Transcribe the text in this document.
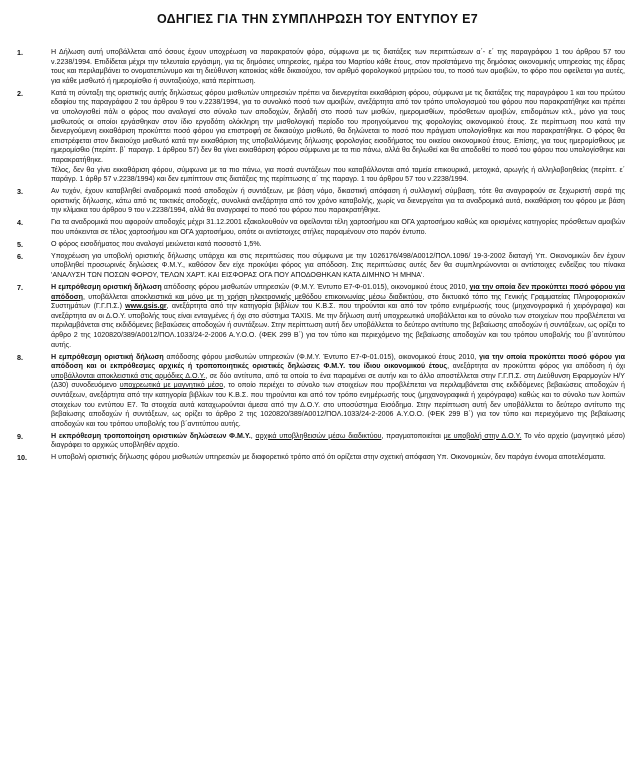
ΟΔΗΓΙΕΣ ΓΙΑ ΤΗΝ ΣΥΜΠΛΗΡΩΣΗ ΤΟΥ ΕΝΤΥΠΟΥ Ε7
1.	Η Δήλωση αυτή υποβάλλεται από όσους έχουν υποχρέωση να παρακρατούν φόρο, σύμφωνα με τις διατάξεις των περιπτώσεων α΄- ε΄ της παραγράφου 1 του άρθρου 57 του ν.2238/1994. Επιδίδεται μέχρι την τελευταία εργάσιμη, για τις δημόσιες υπηρεσίες, ημέρα του Μαρτίου κάθε έτους, στον προϊστάμενο της δημόσιας οικονομικής υπηρεσίας της έδρας τους και περιλαμβάνει το ονοματεπώνυμο και τη διεύθυνση κατοικίας κάθε δικαιούχου, τον αριθμό φορολογικού μητρώου του, το ποσό των αμοιβών, το φόρο που οφείλεται για αυτές, για κάθε μισθωτό ή ημερομίσθιο ή συνταξιούχο, κατά περίπτωση.

2.	Κατά τη σύνταξη της οριστικής αυτής δηλώσεως φόρου μισθωτών υπηρεσιών πρέπει να διενεργείται εκκαθάριση φόρου, σύμφωνα με τις διατάξεις της παραγράφου 1 και του πρώτου εδαφίου της παραγράφου 2 του άρθρου 9 του ν.2238/1994, για το συνολικό ποσό των αμοιβών, ανεξάρτητα από τον τρόπο υπολογισμού του φόρου που παρακρατήθηκε και πρέπει να υπολογισθεί πάλι ο φόρος που αναλογεί στο σύνολο των αποδοχών, δηλαδή στο ποσό των μισθών, ημερομισθίων, πρόσθετων αμοιβών, επιδομάτων κτλ., μόνο για τους μισθωτούς οι οποίοι εργάσθηκαν στον ίδιο εργοδότη ολόκληρη την μισθολογική περίοδο του προηγούμενου της φορολογίας οικονομικού έτους. Σε περίπτωση που κατά την διενεργούμενη εκκαθάριση προκύπτει ποσό φόρου για επιστροφή σε δικαιούχο μισθωτό, θα δηλώνεται το ποσό που πράγματι υπολογίσθηκε και που παρακρατήθηκε. Ο φόρος θα επιστρέφεται στον δικαιούχο μισθωτό κατά την εκκαθάριση της υποβαλλόμενης δήλωσης φορολογίας εισοδήματος του οικείου οικονομικού έτους. Επίσης, για τους ημερομίσθιους με ημερομίσθιο (περίπτ. β΄ παραγρ. 1 άρθρου 57) δεν θα γίνει εκκαθάριση φόρου σύμφωνα με τα πιο πάνω, αλλά θα δηλωθεί και θα αποδοθεί το ποσό του φόρου που υπολογίσθηκε και παρακρατήθηκε.

Τέλος, δεν θα γίνει εκκαθάριση φόρου, σύμφωνα με τα πιο πάνω, για ποσά συντάξεων που καταβάλλονται από ταμεία επικουρικά, μετοχικά, αρωγής ή αλληλοβοηθείας (περίπτ. ε΄ παράγρ. 1 άρθρ 57 ν.2238/1994) και δεν εμπίπτουν στις διατάξεις της περίπτωσης α΄ της παραγρ. 1 του άρθρου 57 του ν.2238/1994.

3.	Αν τυχόν, έχουν καταβληθεί αναδρομικά ποσά αποδοχών ή συντάξεων, με βάση νόμο, δικαστική απόφαση ή συλλογική σύμβαση, τότε θα αναγραφούν σε ξεχωριστή σειρά της οριστικής δήλωσης, κάτω από τις τακτικές αποδοχές, συνολικά ανεξάρτητα από τον χρόνο καταβολής, χωρίς να διενεργείται για τα αναδρομικά αυτά, εκκαθάριση του φόρου με βάση την κλίμακα του άρθρου 9 του ν.2238/1994, αλλά θα αναγραφεί το ποσό του φόρου που παρακρατήθηκε.

4.	Για τα αναδρομικά που αφορούν αποδοχές μέχρι 31.12.2001 εξακολουθούν να οφείλονται τέλη χαρτοσήμου και ΟΓΑ χαρτοσήμου καθώς και ορισμένες κατηγορίες πρόσθετων αμοιβών που υπόκεινται σε τέλος χαρτοσήμου και ΟΓΑ χαρτοσήμου, οπότε οι αντίστοιχες στήλες παραμένουν στο παρόν έντυπο.

5.	Ο φόρος εισοδήματος που αναλογεί μειώνεται κατά ποσοστό 1,5%.

6.	Υποχρέωση για υποβολή οριστικής δήλωσης υπάρχει και στις περιπτώσεις που σύμφωνα με την 1026176/498/Α0012/ΠΟΛ.1096/ 19-3-2002 διαταγή Υπ. Οικονομικών δεν έχουν υποβληθεί προσωρινές δηλώσεις Φ.Μ.Υ., καθόσον δεν είχε προκύψει φόρος για απόδοση. Στις περιπτώσεις αυτές δεν θα συμπληρώνονται οι αντίστοιχες ενδείξεις του πίνακα 'ΑΝΑΛΥΣΗ ΤΩΝ ΠΟΣΩΝ ΦΟΡΟΥ, ΤΕΛΩΝ ΧΑΡΤ. ΚΑΙ ΕΙΣΦΟΡΑΣ ΟΓΑ ΠΟΥ ΑΠΟΔΟΘΗΚΑΝ ΚΑΤΑ ΔΙΜΗΝΟ Ή ΜΗΝΑ'.

7.	Η εμπρόθεσμη οριστική δήλωση απόδοσης φόρου μισθωτών υπηρεσιών (Φ.Μ.Υ. Έντυπο Ε7-Φ-01.015), οικονομικού έτους 2010, για την οποία δεν προκύπτει ποσό φόρου για απόδοση, υποβάλλεται αποκλειστικά και μόνο με τη χρήση ηλεκτρονικής μεθόδου επικοινωνίας μέσω διαδικτύου, στο δικτυακό τόπο της Γενικής Γραμματείας Πληροφοριακών Συστημάτων (Γ.Γ.Π.Σ.) www.gsis.gr, ανεξάρτητα από την κατηγορία βιβλίων του Κ.Β.Σ. που τηρούνται και από τον τρόπο ενημέρωσής τους (μηχανογραφικά ή χειρόγραφα) και ανεξάρτητα αν οι Δ.Ο.Υ. υποβολής τους είναι ενταγμένες ή όχι στο σύστημα TAXIS. Με την δήλωση αυτή υποχρεωτικά υποβάλλεται και το σύνολο των στοιχείων που προβλέπεται να περιλαμβάνεται στις εκδιδόμενες βεβαιώσεις αποδοχών ή συντάξεων. Στην περίπτωση αυτή δεν υποβάλλεται το δεύτερο αντίτυπο της βεβαίωσης αποδοχών ή συντάξεων, ως ορίζει το άρθρο 2 της 1020820/389/Α0012/ΠΟΛ.1033/24-2-2006 Α.Υ.Ο.Ο. (ΦΕΚ 299 Β΄) για τον τύπο και περιεχόμενο της βεβαίωσης αποδοχών και του τρόπου υποβολής του β΄αντιτύπου αυτής.

8.	Η εμπρόθεσμη οριστική δήλωση απόδοσης φόρου μισθωτών υπηρεσιών (Φ.Μ.Υ. Έντυπο Ε7-Φ-01.015), οικονομικού έτους 2010, για την οποία προκύπτει ποσό φόρου για απόδοση και οι εκπρόθεσμες αρχικές ή τροποποιητικές οριστικές δηλώσεις Φ.Μ.Υ. του ίδιου οικονομικού έτους, ανεξάρτητα αν προκύπτει φόρος για απόδοση ή όχι υποβάλλονται αποκλειστικά στις αρμόδιες Δ.Ο.Υ., σε δύο αντίτυπα, από τα οποία το ένα παραμένει σε αυτήν και το άλλο αποστέλλεται στην Γ.Γ.Π.Σ. στη Διεύθυνση Εφαρμογών Η/Υ (Δ30) συνοδευόμενο υποχρεωτικά με μαγνητικό μέσο, το οποίο περιέχει το σύνολο των στοιχείων που προβλέπεται να περιλαμβάνεται στις εκδιδόμενες βεβαιώσεις αποδοχών ή συντάξεων, ανεξάρτητα από την κατηγορία βιβλίων του Κ.Β.Σ. που τηρούνται και από τον τρόπο ενημέρωσής τους (μηχανογραφικά ή χειρόγραφα) καθώς και το σύνολο των λοιπών στοιχείων του εντύπου Ε7. Τα στοιχεία αυτά καταχωρούνται άμεσα από την Δ.Ο.Υ. στο υποσύστημα Εισόδημα. Στην περίπτωση αυτή δεν υποβάλλεται το δεύτερο αντίτυπο της βεβαίωσης αποδοχών ή συντάξεων, ως ορίζει το άρθρο 2 της 1020820/389/Α0012/ΠΟΛ.1033/24-2-2006 Α.Υ.Ο.Ο. (ΦΕΚ 299 Β΄) για τον τύπο και περιεχόμενο της βεβαίωσης αποδοχών και του τρόπου υποβολής του β΄αντιτύπου αυτής.

9.	Η εκπρόθεσμη τροποποίηση οριστικών δηλώσεων Φ.Μ.Υ., αρχικά υποβληθεισών μέσω διαδικτύου, πραγματοποιείται με υποβολή στην Δ.Ο.Υ. Το νέο αρχείο (μαγνητικό μέσο) διαγράφει το αρχικώς υποβληθέν αρχείο.

10.	Η υποβολή οριστικής δήλωσης φόρου μισθωτών υπηρεσιών με διαφορετικό τρόπο από ότι ορίζεται στην σχετική απόφαση Υπ. Οικονομικών, δεν παράγει έννομα αποτελέσματα.
